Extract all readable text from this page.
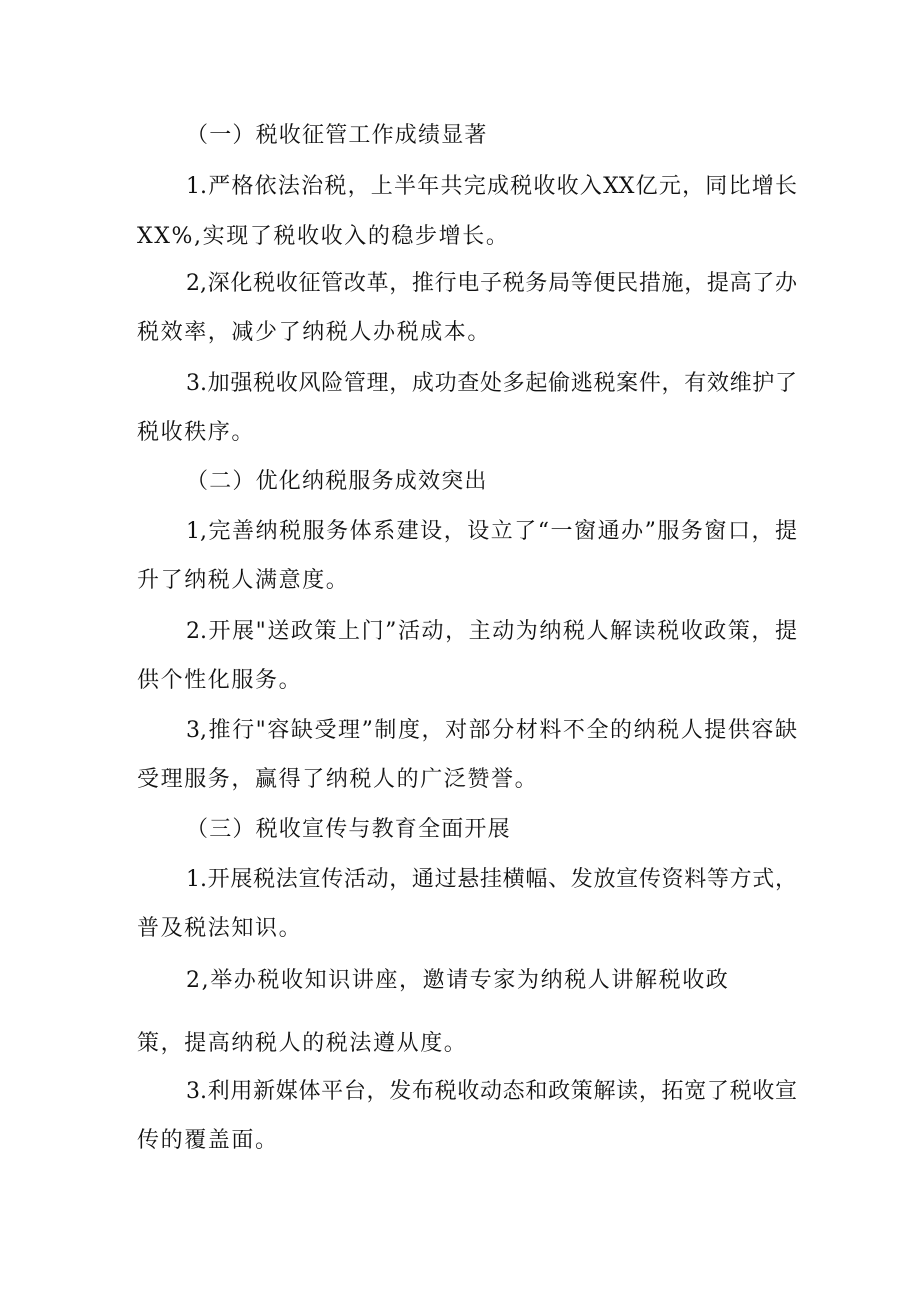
（一）税收征管工作成绩显著
1.严格依法治税，上半年共完成税收收入XX亿元，同比增长
XX%,实现了税收收入的稳步增长。
2,深化税收征管改革，推行电子税务局等便民措施，提高了办
税效率，减少了纳税人办税成本。
3.加强税收风险管理，成功查处多起偷逃税案件，有效维护了
税收秩序。
（二）优化纳税服务成效突出
1,完善纳税服务体系建设，设立了“一窗通办”服务窗口，提
升了纳税人满意度。
2.开展"送政策上门”活动，主动为纳税人解读税收政策，提
供个性化服务。
3,推行"容缺受理”制度，对部分材料不全的纳税人提供容缺
受理服务，赢得了纳税人的广泛赞誉。
（三）税收宣传与教育全面开展
1.开展税法宣传活动，通过悬挂横幅、发放宣传资料等方式，
普及税法知识。
2,举办税收知识讲座，邀请专家为纳税人讲解税收政
策，提高纳税人的税法遵从度。
3.利用新媒体平台，发布税收动态和政策解读，拓宽了税收宣
传的覆盖面。
